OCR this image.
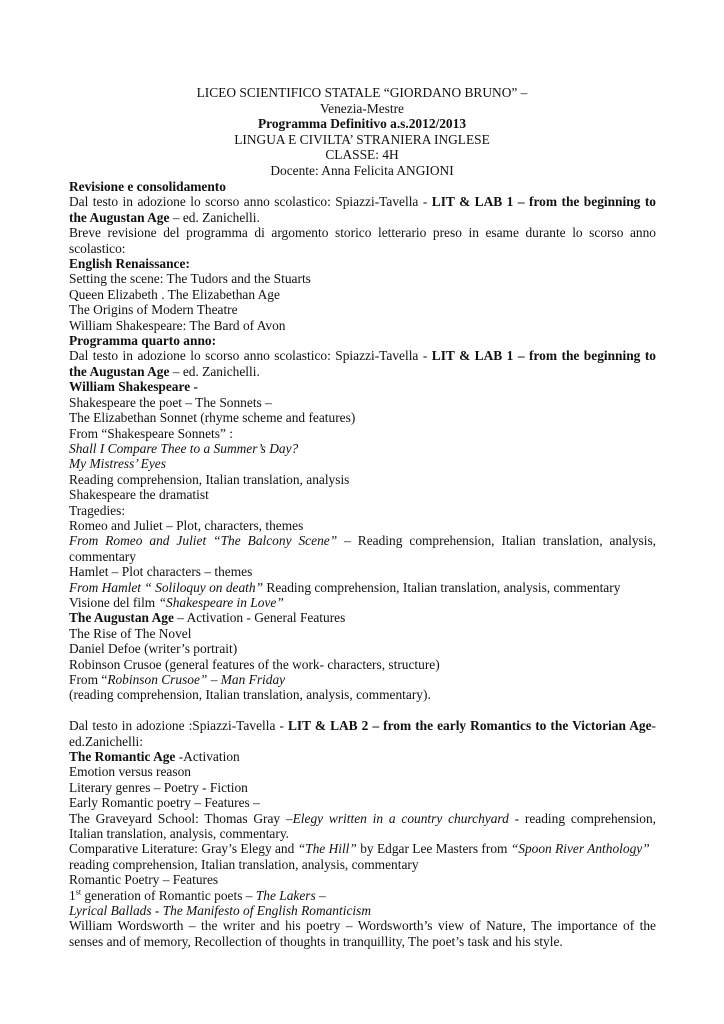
LICEO SCIENTIFICO STATALE “GIORDANO BRUNO” –
Venezia-Mestre
Programma Definitivo a.s.2012/2013
LINGUA E CIVILTA’ STRANIERA INGLESE
CLASSE: 4H
Docente: Anna Felicita ANGIONI
Revisione e consolidamento
Dal testo in adozione lo scorso anno scolastico: Spiazzi-Tavella - LIT & LAB 1 – from the beginning to the Augustan Age – ed. Zanichelli.
Breve revisione del programma di argomento storico letterario preso in esame durante lo scorso anno scolastico:
English Renaissance:
Setting the scene: The Tudors and the Stuarts
Queen Elizabeth . The Elizabethan Age
The Origins of Modern Theatre
William Shakespeare: The Bard of Avon
Programma quarto anno:
Dal testo in adozione lo scorso anno scolastico: Spiazzi-Tavella - LIT & LAB 1 – from the beginning to the Augustan Age – ed. Zanichelli.
William Shakespeare -
Shakespeare the poet – The Sonnets –
The Elizabethan Sonnet (rhyme scheme and features)
From “Shakespeare Sonnets” :
Shall I Compare Thee to a Summer’s Day?
My Mistress’ Eyes
Reading comprehension, Italian translation, analysis
Shakespeare the dramatist
Tragedies:
Romeo and Juliet – Plot, characters, themes
From Romeo and Juliet “The Balcony Scene” – Reading comprehension, Italian translation, analysis, commentary
Hamlet – Plot characters – themes
From Hamlet “ Soliloquy on death” Reading comprehension, Italian translation, analysis, commentary
Visione del film “Shakespeare in Love”
The Augustan Age – Activation - General Features
The Rise of The Novel
Daniel Defoe (writer’s portrait)
Robinson Crusoe (general features of the work- characters, structure)
From “Robinson Crusoe” – Man Friday
(reading comprehension, Italian translation, analysis, commentary).
Dal testo in adozione :Spiazzi-Tavella - LIT & LAB 2 – from the early Romantics to the Victorian Age-ed.Zanichelli:
The Romantic Age -Activation
Emotion versus reason
Literary genres – Poetry - Fiction
Early Romantic poetry – Features –
The Graveyard School: Thomas Gray –Elegy written in a country churchyard - reading comprehension, Italian translation, analysis, commentary.
Comparative Literature: Gray’s Elegy and “The Hill” by Edgar Lee Masters from “Spoon River Anthology”
reading comprehension, Italian translation, analysis, commentary
Romantic Poetry – Features
1st generation of Romantic poets – The Lakers –
Lyrical Ballads - The Manifesto of English Romanticism
William Wordsworth – the writer and his poetry – Wordsworth’s view of Nature, The importance of the senses and of memory, Recollection of thoughts in tranquillity, The poet’s task and his style.
